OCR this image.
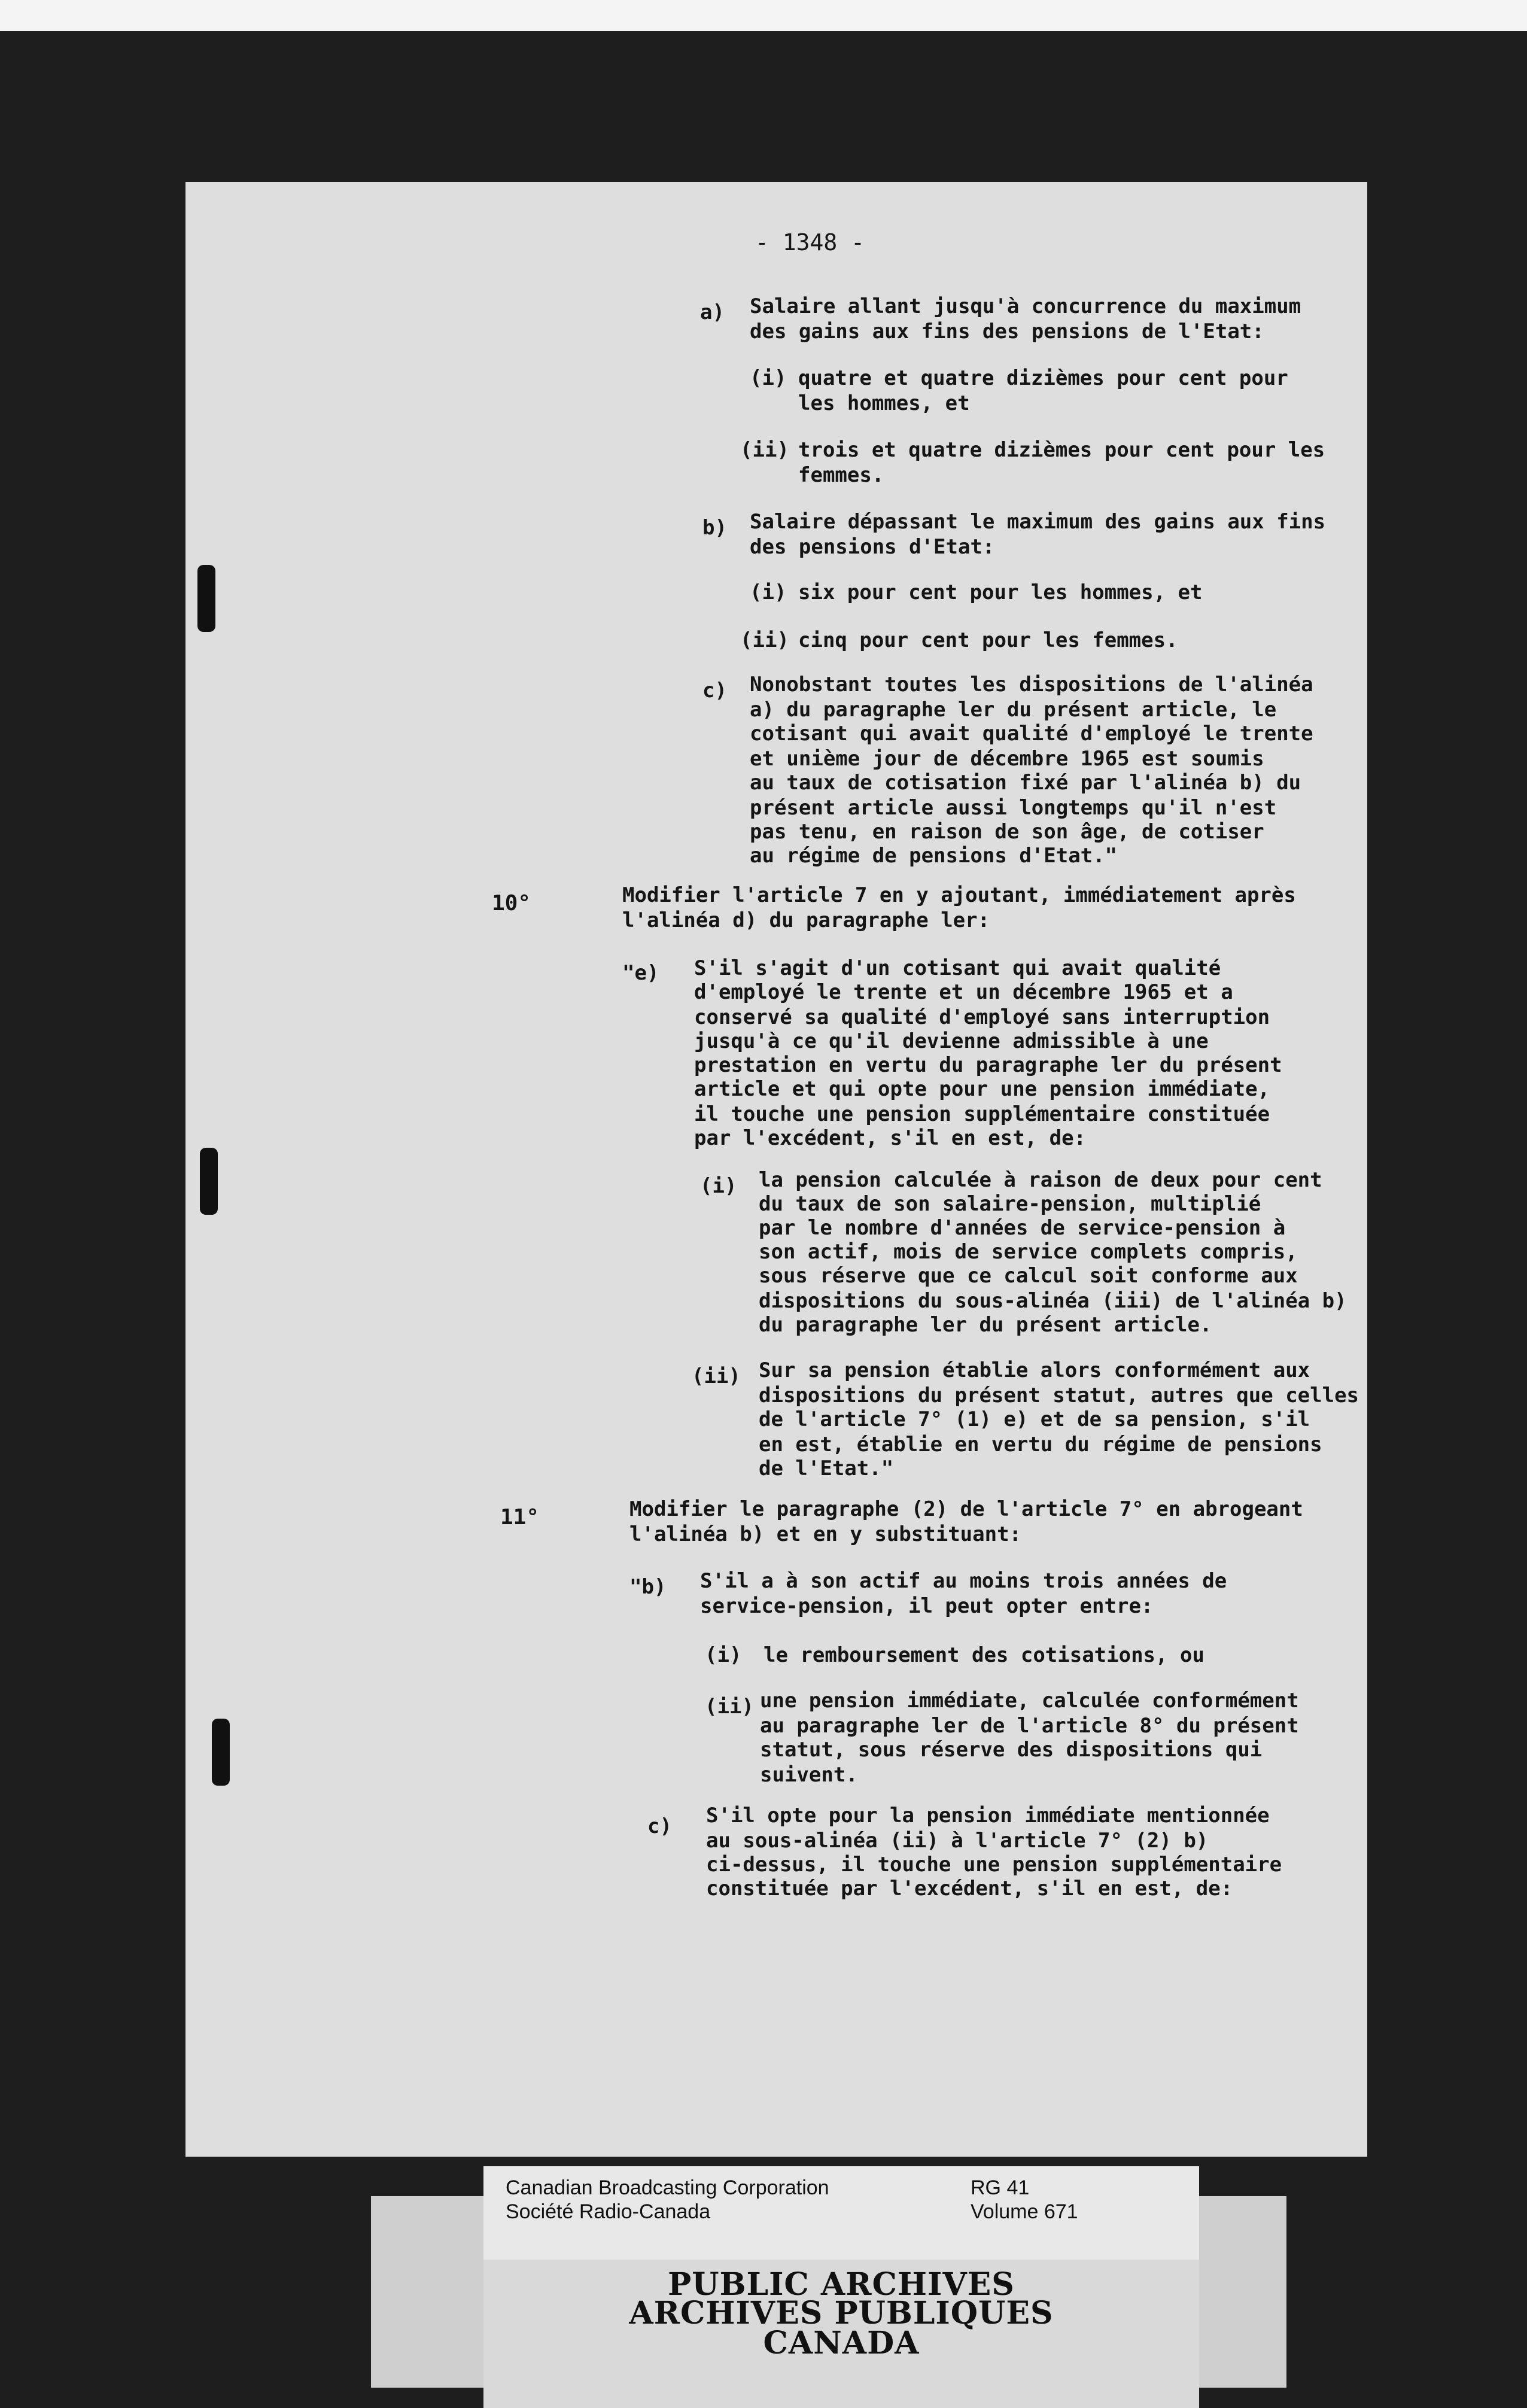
- 1348 -
a) Salaire allant jusqu'à concurrence du maximum
des gains aux fins des pensions de l'Etat:
(i) quatre et quatre dizièmes pour cent pour
les hommes, et
(ii) trois et quatre dizièmes pour cent pour les
femmes.
b) Salaire dépassant le maximum des gains aux fins
des pensions d'Etat:
(i) six pour cent pour les hommes, et
(ii) cinq pour cent pour les femmes.
c) Nonobstant toutes les dispositions de l'alinéa
a) du paragraphe ler du présent article, le
cotisant qui avait qualité d'employé le trente
et unième jour de décembre 1965 est soumis
au taux de cotisation fixé par l'alinéa b) du
présent article aussi longtemps qu'il n'est
pas tenu, en raison de son âge, de cotiser
au régime de pensions d'Etat."
10°	Modifier l'article 7 en y ajoutant, immédiatement après
l'alinéa d) du paragraphe ler:
"e) S'il s'agit d'un cotisant qui avait qualité
d'employé le trente et un décembre 1965 et a
conservé sa qualité d'employé sans interruption
jusqu'à ce qu'il devienne admissible à une
prestation en vertu du paragraphe ler du présent
article et qui opte pour une pension immédiate,
il touche une pension supplémentaire constituée
par l'excédent, s'il en est, de:
(i) la pension calculée à raison de deux pour cent
du taux de son salaire-pension, multiplié
par le nombre d'années de service-pension à
son actif, mois de service complets compris,
sous réserve que ce calcul soit conforme aux
dispositions du sous-alinéa (iii) de l'alinéa b)
du paragraphe ler du présent article.
(ii) Sur sa pension établie alors conformément aux
dispositions du présent statut, autres que celles
de l'article 7° (1) e) et de sa pension, s'il
en est, établie en vertu du régime de pensions
de l'Etat."
11°	Modifier le paragraphe (2) de l'article 7° en abrogeant
l'alinéa b) et en y substituant:
"b) S'il a à son actif au moins trois années de
service-pension, il peut opter entre:
(i) le remboursement des cotisations, ou
(ii) une pension immédiate, calculée conformément
au paragraphe ler de l'article 8° du présent
statut, sous réserve des dispositions qui
suivent.
c) S'il opte pour la pension immédiate mentionnée
au sous-alinéa (ii) à l'article 7° (2) b)
ci-dessus, il touche une pension supplémentaire
constituée par l'excédent, s'il en est, de:
Canadian Broadcasting Corporation
Société Radio-Canada
RG 41
Volume 671
PUBLIC ARCHIVES
ARCHIVES PUBLIQUES
CANADA
